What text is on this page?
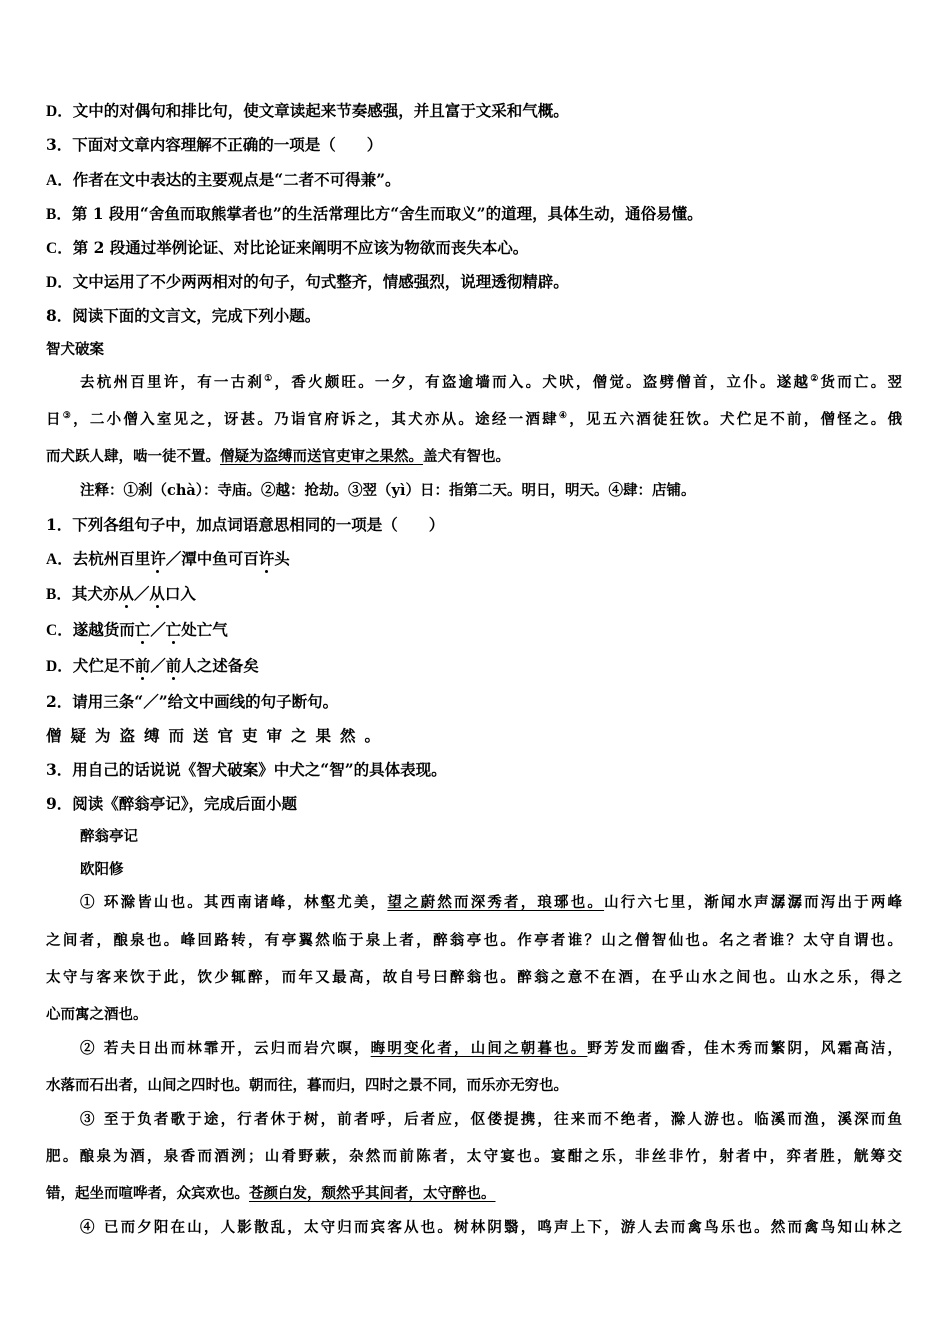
D．文中的对偶句和排比句，使文章读起来节奏感强，并且富于文采和气概。
3．下面对文章内容理解不正确的一项是（　　）
A．作者在文中表达的主要观点是“二者不可得兼”。
B．第 1 段用“舍鱼而取熊掌者也”的生活常理比方“舍生而取义”的道理，具体生动，通俗易懂。
C．第 2 段通过举例论证、对比论证来阐明不应该为物欲而丧失本心。
D．文中运用了不少两两相对的句子，句式整齐，情感强烈，说理透彻精辟。
8．阅读下面的文言文，完成下列小题。
智犬破案
去杭州百里许，有一古刹①，香火颇旺。一夕，有盗逾墙而入。犬吠，僧觉。盗劈僧首，立仆。遂越②货而亡。翌
日③，二小僧入室见之，讶甚。乃诣官府诉之，其犬亦从。途经一酒肆④，见五六酒徒狂饮。犬伫足不前，僧怪之。俄
而犬跃人肆，啮一徒不置。僧疑为盗缚而送官吏审之果然。盖犬有智也。
注释：①刹（chà）：寺庙。②越：抢劫。③翌（yì）日：指第二天。明日，明天。④肆：店铺。
1．下列各组句子中，加点词语意思相同的一项是（　　）
A．去杭州百里许／潭中鱼可百许头
B．其犬亦从／从口入
C．遂越货而亡／亡处亡气
D．犬伫足不前／前人之述备矣
2．请用三条“／”给文中画线的句子断句。
僧疑为盗缚而送官吏审之果然。
3．用自己的话说说《智犬破案》中犬之“智”的具体表现。
9．阅读《醉翁亭记》，完成后面小题
醉翁亭记
欧阳修
① 环滁皆山也。其西南诸峰，林壑尤美，望之蔚然而深秀者，琅琊也。山行六七里，渐闻水声潺潺而泻出于两峰
之间者，酿泉也。峰回路转，有亭翼然临于泉上者，醉翁亭也。作亭者谁？山之僧智仙也。名之者谁？太守自谓也。
太守与客来饮于此，饮少辄醉，而年又最高，故自号曰醉翁也。醉翁之意不在酒，在乎山水之间也。山水之乐，得之
心而寓之酒也。
② 若夫日出而林霏开，云归而岩穴暝，晦明变化者，山间之朝暮也。野芳发而幽香，佳木秀而繁阴，风霜高洁，
水落而石出者，山间之四时也。朝而往，暮而归，四时之景不同，而乐亦无穷也。
③ 至于负者歌于途，行者休于树，前者呼，后者应，伛偻提携，往来而不绝者，滁人游也。临溪而渔，溪深而鱼
肥。酿泉为酒，泉香而酒洌；山肴野蔌，杂然而前陈者，太守宴也。宴酣之乐，非丝非竹，射者中，弈者胜，觥筹交
错，起坐而喧哗者，众宾欢也。苍颜白发，颓然乎其间者，太守醉也。
④ 已而夕阳在山，人影散乱，太守归而宾客从也。树林阴翳，鸣声上下，游人去而禽鸟乐也。然而禽鸟知山林之
